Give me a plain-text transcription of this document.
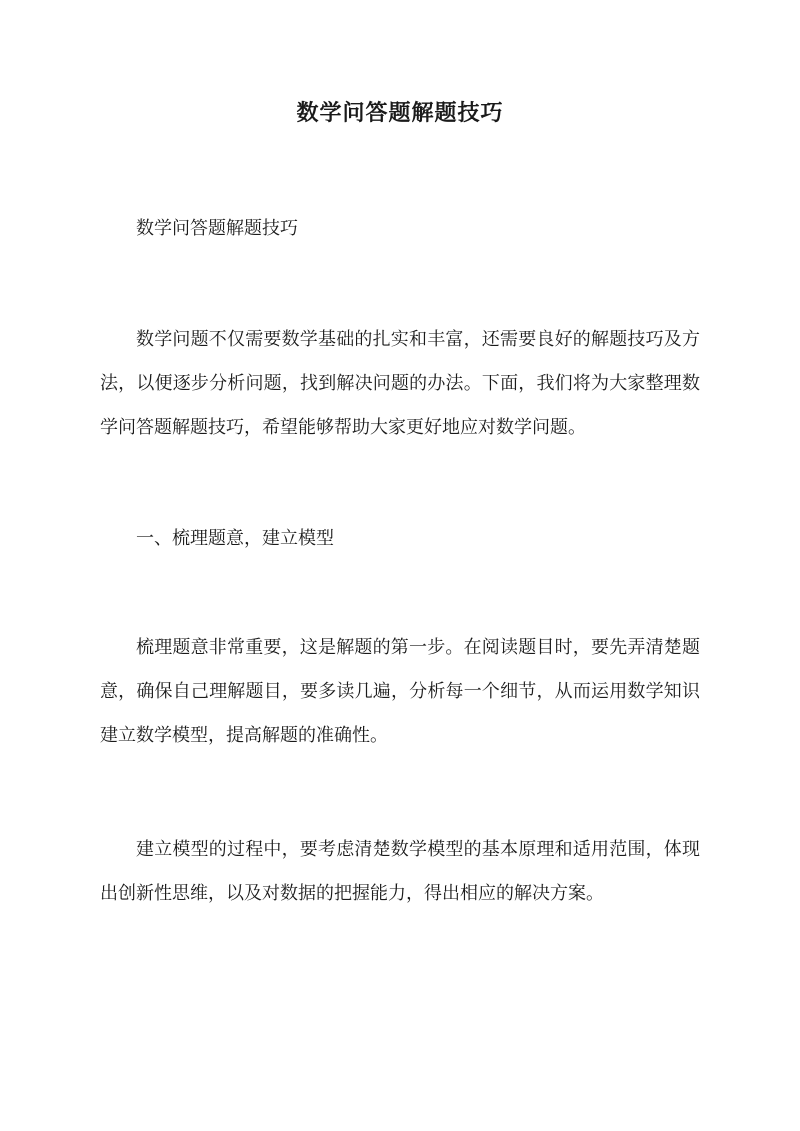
数学问答题解题技巧

数学问答题解题技巧

数学问题不仅需要数学基础的扎实和丰富，还需要良好的解题技巧及方法，以便逐步分析问题，找到解决问题的办法。下面，我们将为大家整理数学问答题解题技巧，希望能够帮助大家更好地应对数学问题。

一、梳理题意，建立模型

梳理题意非常重要，这是解题的第一步。在阅读题目时，要先弄清楚题意，确保自己理解题目，要多读几遍，分析每一个细节，从而运用数学知识建立数学模型，提高解题的准确性。

建立模型的过程中，要考虑清楚数学模型的基本原理和适用范围，体现出创新性思维，以及对数据的把握能力，得出相应的解决方案。
